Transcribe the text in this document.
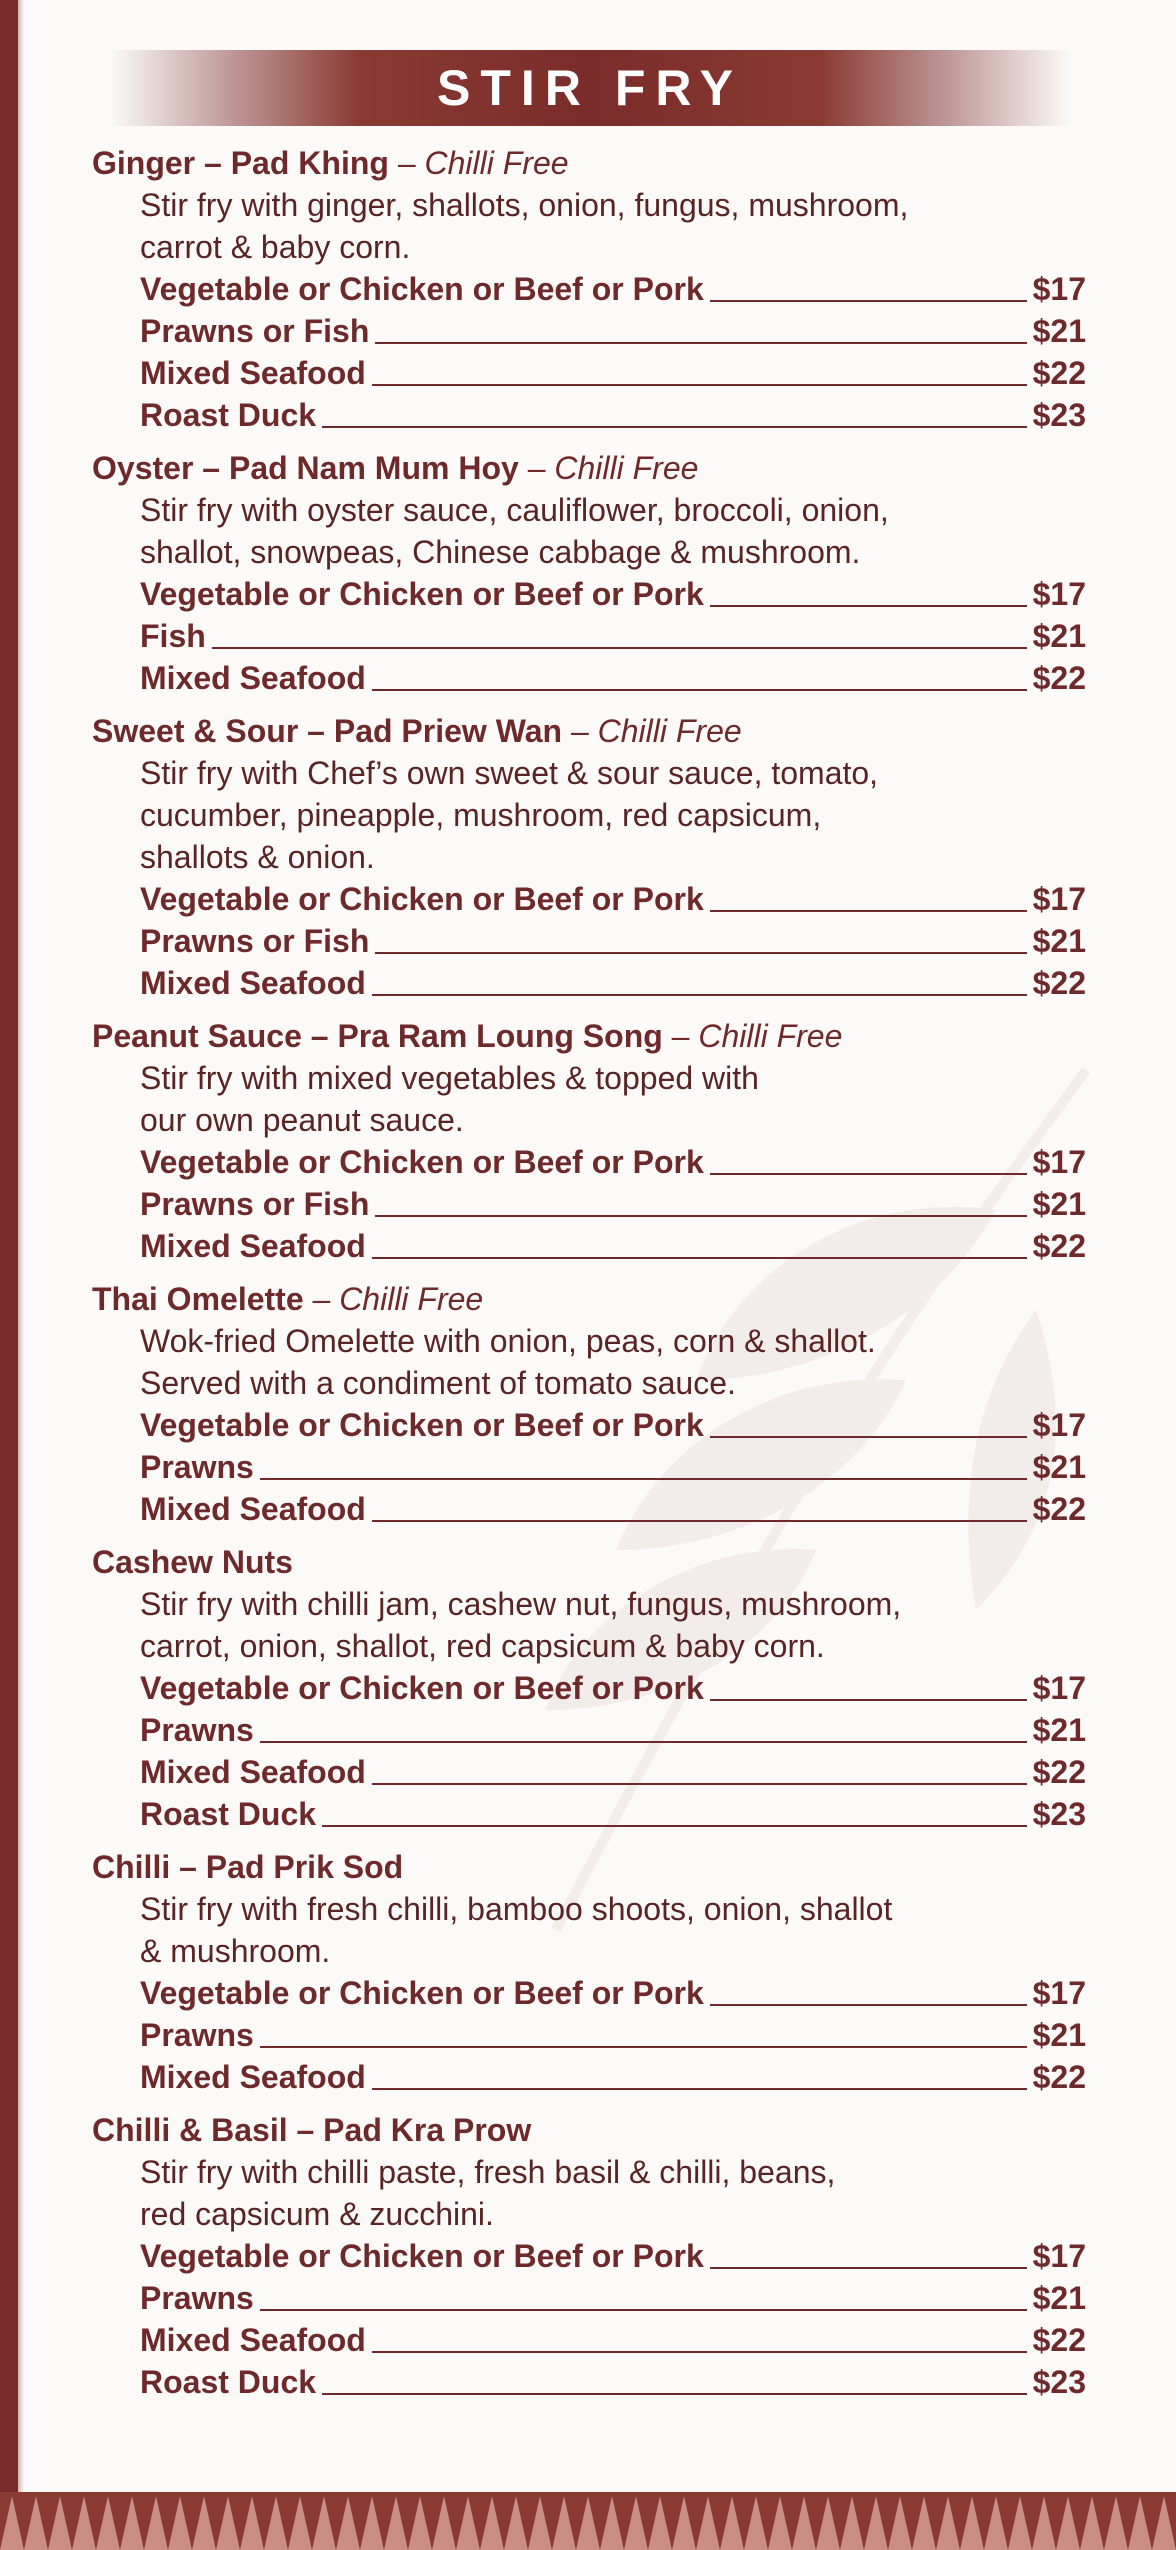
STIR FRY
Ginger – Pad Khing – Chilli Free
Stir fry with ginger, shallots, onion, fungus, mushroom,
carrot & baby corn.
Vegetable or Chicken or Beef or Pork	$17
Prawns or Fish	$21
Mixed Seafood	$22
Roast Duck	$23
Oyster – Pad Nam Mum Hoy – Chilli Free
Stir fry with oyster sauce, cauliflower, broccoli, onion,
shallot, snowpeas, Chinese cabbage & mushroom.
Vegetable or Chicken or Beef or Pork	$17
Fish	$21
Mixed Seafood	$22
Sweet & Sour – Pad Priew Wan – Chilli Free
Stir fry with Chef’s own sweet & sour sauce, tomato,
cucumber, pineapple, mushroom, red capsicum,
shallots & onion.
Vegetable or Chicken or Beef or Pork	$17
Prawns or Fish	$21
Mixed Seafood	$22
Peanut Sauce – Pra Ram Loung Song – Chilli Free
Stir fry with mixed vegetables & topped with
our own peanut sauce.
Vegetable or Chicken or Beef or Pork	$17
Prawns or Fish	$21
Mixed Seafood	$22
Thai Omelette – Chilli Free
Wok-fried Omelette with onion, peas, corn & shallot.
Served with a condiment of tomato sauce.
Vegetable or Chicken or Beef or Pork	$17
Prawns	$21
Mixed Seafood	$22
Cashew Nuts
Stir fry with chilli jam, cashew nut, fungus, mushroom,
carrot, onion, shallot, red capsicum & baby corn.
Vegetable or Chicken or Beef or Pork	$17
Prawns	$21
Mixed Seafood	$22
Roast Duck	$23
Chilli – Pad Prik Sod
Stir fry with fresh chilli, bamboo shoots, onion, shallot
& mushroom.
Vegetable or Chicken or Beef or Pork	$17
Prawns	$21
Mixed Seafood	$22
Chilli & Basil – Pad Kra Prow
Stir fry with chilli paste, fresh basil & chilli, beans,
red capsicum & zucchini.
Vegetable or Chicken or Beef or Pork	$17
Prawns	$21
Mixed Seafood	$22
Roast Duck	$23
